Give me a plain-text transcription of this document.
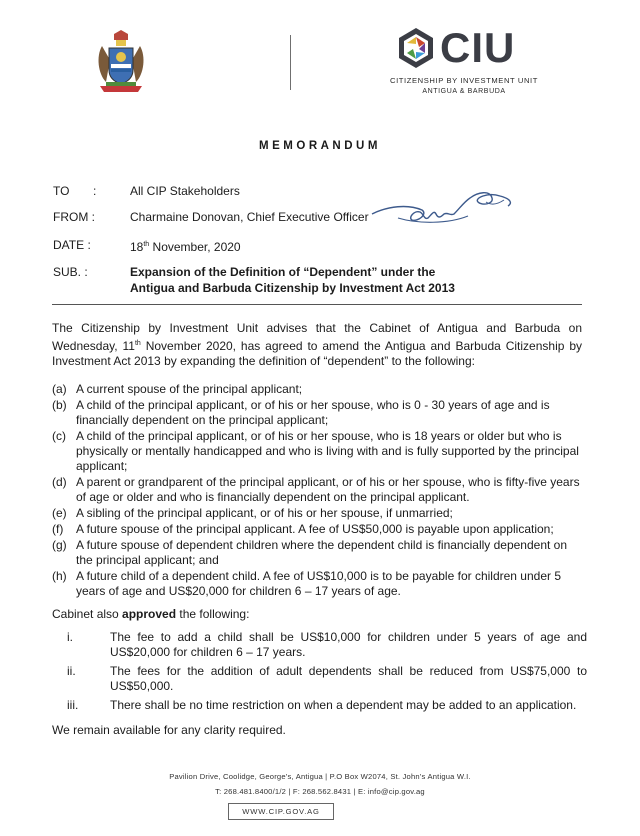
CIU
CITIZENSHIP BY INVESTMENT UNIT
ANTIGUA & BARBUDA
MEMORANDUM
TO :	All CIP Stakeholders
FROM :	Charmaine Donovan, Chief Executive Officer
DATE :	18th November, 2020
SUB. :	Expansion of the Definition of “Dependent” under the
Antigua and Barbuda Citizenship by Investment Act 2013
The Citizenship by Investment Unit advises that the Cabinet of Antigua and Barbuda on Wednesday, 11th November 2020, has agreed to amend the Antigua and Barbuda Citizenship by Investment Act 2013 by expanding the definition of “dependent” to the following:
(a) A current spouse of the principal applicant;
(b) A child of the principal applicant, or of his or her spouse, who is 0 - 30 years of age and is financially dependent on the principal applicant;
(c) A child of the principal applicant, or of his or her spouse, who is 18 years or older but who is physically or mentally handicapped and who is living with and is fully supported by the principal applicant;
(d) A parent or grandparent of the principal applicant, or of his or her spouse, who is fifty-five years of age or older and who is financially dependent on the principal applicant.
(e) A sibling of the principal applicant, or of his or her spouse, if unmarried;
(f) A future spouse of the principal applicant. A fee of US$50,000 is payable upon application;
(g) A future spouse of dependent children where the dependent child is financially dependent on the principal applicant; and
(h) A future child of a dependent child. A fee of US$10,000 is to be payable for children under 5 years of age and US$20,000 for children 6 – 17 years of age.
Cabinet also approved the following:
i.	The fee to add a child shall be US$10,000 for children under 5 years of age and US$20,000 for children 6 – 17 years.
ii.	The fees for the addition of adult dependents shall be reduced from US$75,000 to US$50,000.
iii.	There shall be no time restriction on when a dependent may be added to an application.
We remain available for any clarity required.
Pavilion Drive, Coolidge, George’s, Antigua | P.O Box W2074, St. John’s Antigua W.I.
T: 268.481.8400/1/2 | F: 268.562.8431 | E: info@cip.gov.ag
WWW.CIP.GOV.AG
